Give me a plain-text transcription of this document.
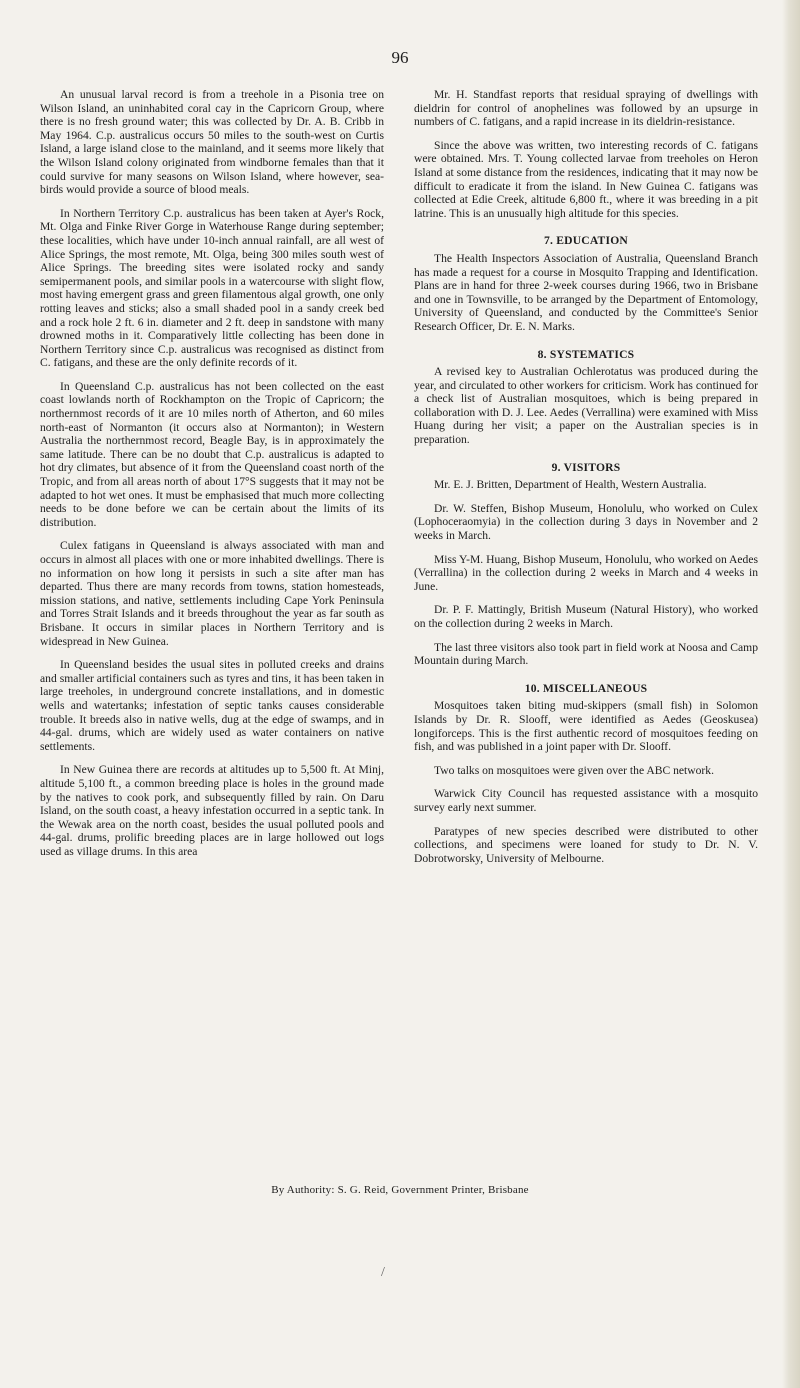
96

An unusual larval record is from a treehole in a Pisonia tree on Wilson Island, an uninhabited coral cay in the Capricorn Group, where there is no fresh ground water; this was collected by Dr. A. B. Cribb in May 1964. C.p. australicus occurs 50 miles to the south-west on Curtis Island, a large island close to the mainland, and it seems more likely that the Wilson Island colony originated from windborne females than that it could survive for many seasons on Wilson Island, where however, sea-birds would provide a source of blood meals.

In Northern Territory C.p. australicus has been taken at Ayer's Rock, Mt. Olga and Finke River Gorge in Waterhouse Range during september; these localities, which have under 10-inch annual rainfall, are all west of Alice Springs, the most remote, Mt. Olga, being 300 miles south west of Alice Springs. The breeding sites were isolated rocky and sandy semipermanent pools, and similar pools in a watercourse with slight flow, most having emergent grass and green filamentous algal growth, one only rotting leaves and sticks; also a small shaded pool in a sandy creek bed and a rock hole 2 ft. 6 in. diameter and 2 ft. deep in sandstone with many drowned moths in it. Comparatively little collecting has been done in Northern Territory since C.p. australicus was recognised as distinct from C. fatigans, and these are the only definite records of it.

In Queensland C.p. australicus has not been collected on the east coast lowlands north of Rockhampton on the Tropic of Capricorn; the northernmost records of it are 10 miles north of Atherton, and 60 miles north-east of Normanton (it occurs also at Normanton); in Western Australia the northernmost record, Beagle Bay, is in approximately the same latitude. There can be no doubt that C.p. australicus is adapted to hot dry climates, but absence of it from the Queensland coast north of the Tropic, and from all areas north of about 17°S suggests that it may not be adapted to hot wet ones. It must be emphasised that much more collecting needs to be done before we can be certain about the limits of its distribution.

Culex fatigans in Queensland is always associated with man and occurs in almost all places with one or more inhabited dwellings. There is no information on how long it persists in such a site after man has departed. Thus there are many records from towns, station homesteads, mission stations, and native, settlements including Cape York Peninsula and Torres Strait Islands and it breeds throughout the year as far south as Brisbane. It occurs in similar places in Northern Territory and is widespread in New Guinea.

In Queensland besides the usual sites in polluted creeks and drains and smaller artificial containers such as tyres and tins, it has been taken in large treeholes, in underground concrete installations, and in domestic wells and watertanks; infestation of septic tanks causes considerable trouble. It breeds also in native wells, dug at the edge of swamps, and in 44-gal. drums, which are widely used as water containers on native settlements.

In New Guinea there are records at altitudes up to 5,500 ft. At Minj, altitude 5,100 ft., a common breeding place is holes in the ground made by the natives to cook pork, and subsequently filled by rain. On Daru Island, on the south coast, a heavy infestation occurred in a septic tank. In the Wewak area on the north coast, besides the usual polluted pools and 44-gal. drums, prolific breeding places are in large hollowed out logs used as village drums. In this area

Mr. H. Standfast reports that residual spraying of dwellings with dieldrin for control of anophelines was followed by an upsurge in numbers of C. fatigans, and a rapid increase in its dieldrin-resistance.

Since the above was written, two interesting records of C. fatigans were obtained. Mrs. T. Young collected larvae from treeholes on Heron Island at some distance from the residences, indicating that it may now be difficult to eradicate it from the island. In New Guinea C. fatigans was collected at Edie Creek, altitude 6,800 ft., where it was breeding in a pit latrine. This is an unusually high altitude for this species.

7. EDUCATION

The Health Inspectors Association of Australia, Queensland Branch has made a request for a course in Mosquito Trapping and Identification. Plans are in hand for three 2-week courses during 1966, two in Brisbane and one in Townsville, to be arranged by the Department of Entomology, University of Queensland, and conducted by the Committee's Senior Research Officer, Dr. E. N. Marks.

8. SYSTEMATICS

A revised key to Australian Ochlerotatus was produced during the year, and circulated to other workers for criticism. Work has continued for a check list of Australian mosquitoes, which is being prepared in collaboration with D. J. Lee. Aedes (Verrallina) were examined with Miss Huang during her visit; a paper on the Australian species is in preparation.

9. VISITORS

Mr. E. J. Britten, Department of Health, Western Australia.

Dr. W. Steffen, Bishop Museum, Honolulu, who worked on Culex (Lophoceraomyia) in the collection during 3 days in November and 2 weeks in March.

Miss Y-M. Huang, Bishop Museum, Honolulu, who worked on Aedes (Verrallina) in the collection during 2 weeks in March and 4 weeks in June.

Dr. P. F. Mattingly, British Museum (Natural History), who worked on the collection during 2 weeks in March.

The last three visitors also took part in field work at Noosa and Camp Mountain during March.

10. MISCELLANEOUS

Mosquitoes taken biting mud-skippers (small fish) in Solomon Islands by Dr. R. Slooff, were identified as Aedes (Geoskusea) longiforceps. This is the first authentic record of mosquitoes feeding on fish, and was published in a joint paper with Dr. Slooff.

Two talks on mosquitoes were given over the ABC network.

Warwick City Council has requested assistance with a mosquito survey early next summer.

Paratypes of new species described were distributed to other collections, and specimens were loaned for study to Dr. N. V. Dobrotworsky, University of Melbourne.

By Authority: S. G. Reid, Government Printer, Brisbane
/
